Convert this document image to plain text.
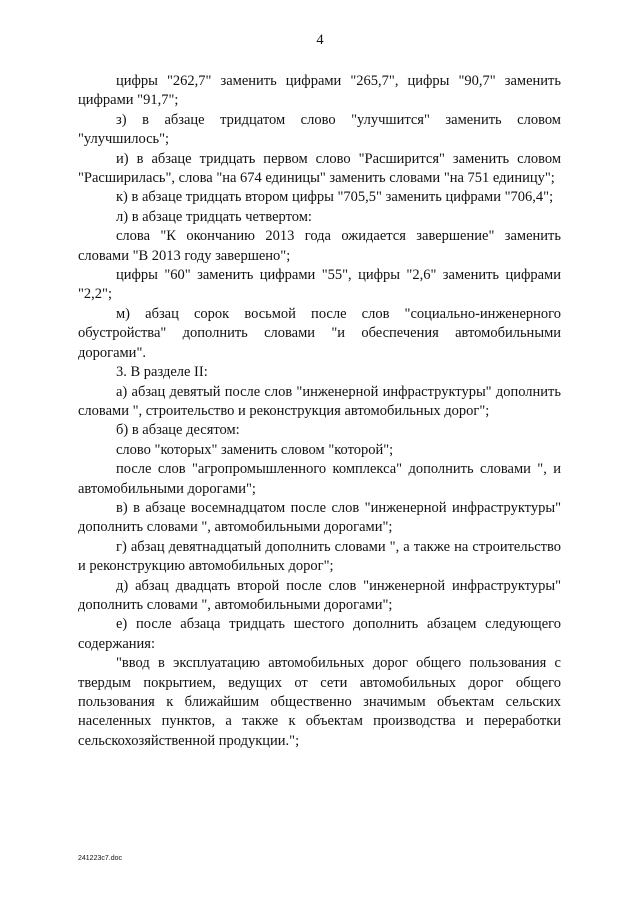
4

цифры "262,7" заменить цифрами "265,7", цифры "90,7" заменить цифрами "91,7";

з) в абзаце тридцатом слово "улучшится" заменить словом "улучшилось";

и) в абзаце тридцать первом слово "Расширится" заменить словом "Расширилась", слова "на 674 единицы" заменить словами "на 751 единицу";

к) в абзаце тридцать втором цифры "705,5" заменить цифрами "706,4";

л) в абзаце тридцать четвертом:

слова "К окончанию 2013 года ожидается завершение" заменить словами "В 2013 году завершено";

цифры "60" заменить цифрами "55", цифры "2,6" заменить цифрами "2,2";

м) абзац сорок восьмой после слов "социально-инженерного обустройства" дополнить словами "и обеспечения автомобильными дорогами".

3. В разделе II:

а) абзац девятый после слов "инженерной инфраструктуры" дополнить словами ", строительство и реконструкция автомобильных дорог";

б) в абзаце десятом:

слово "которых" заменить словом "которой";

после слов "агропромышленного комплекса" дополнить словами ", и автомобильными дорогами";

в) в абзаце восемнадцатом после слов "инженерной инфраструктуры" дополнить словами ", автомобильными дорогами";

г) абзац девятнадцатый дополнить словами ", а также на строительство и реконструкцию автомобильных дорог";

д) абзац двадцать второй после слов "инженерной инфраструктуры" дополнить словами ", автомобильными дорогами";

е) после абзаца тридцать шестого дополнить абзацем следующего содержания:

"ввод в эксплуатацию автомобильных дорог общего пользования с твердым покрытием, ведущих от сети автомобильных дорог общего пользования к ближайшим общественно значимым объектам сельских населенных пунктов, а также к объектам производства и переработки сельскохозяйственной продукции.";

241223c7.doc
